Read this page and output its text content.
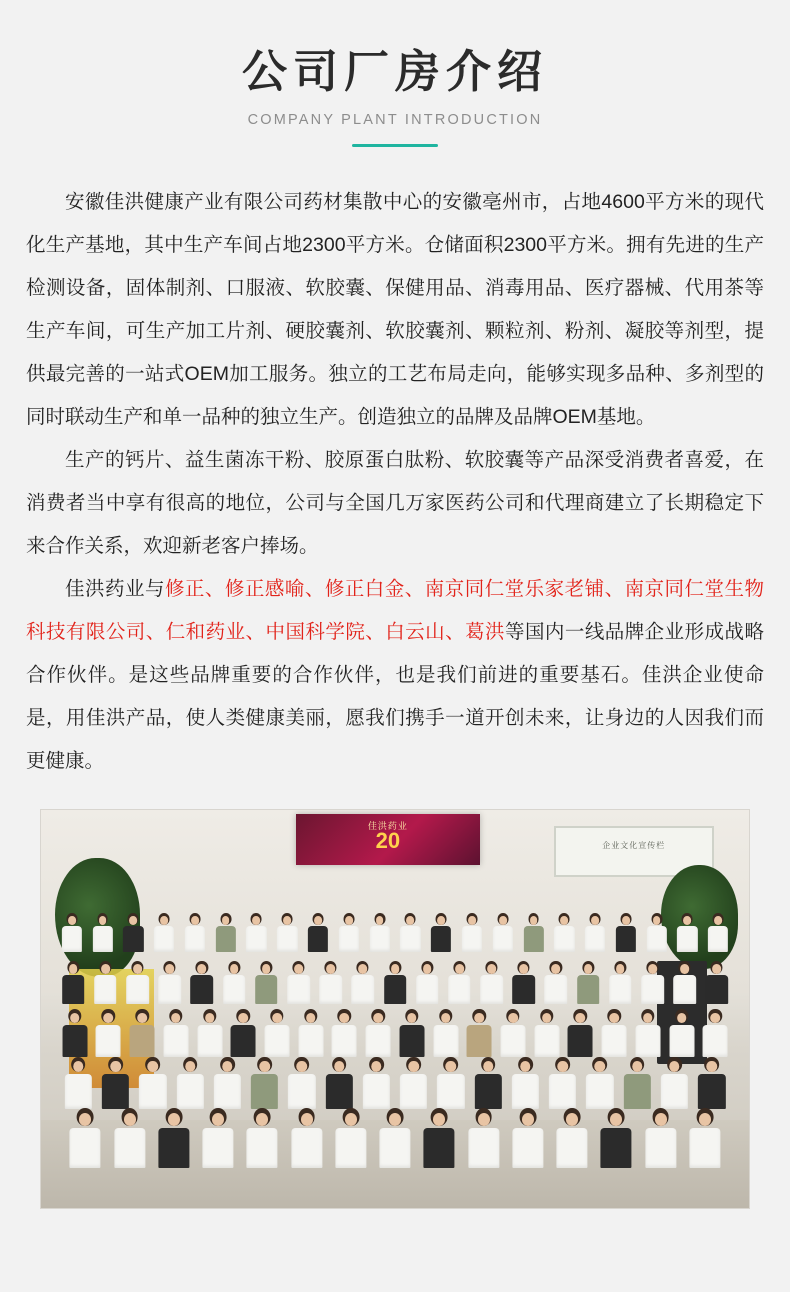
公司厂房介绍
COMPANY PLANT INTRODUCTION

安徽佳洪健康产业有限公司药材集散中心的安徽亳州市，占地4600平方米的现代化生产基地，其中生产车间占地2300平方米。仓储面积2300平方米。拥有先进的生产检测设备，固体制剂、口服液、软胶囊、保健用品、消毒用品、医疗器械、代用茶等生产车间，可生产加工片剂、硬胶囊剂、软胶囊剂、颗粒剂、粉剂、凝胶等剂型，提供最完善的一站式OEM加工服务。独立的工艺布局走向，能够实现多品种、多剂型的同时联动生产和单一品种的独立生产。创造独立的品牌及品牌OEM基地。

生产的钙片、益生菌冻干粉、胶原蛋白肽粉、软胶囊等产品深受消费者喜爱，在消费者当中享有很高的地位，公司与全国几万家医药公司和代理商建立了长期稳定下来合作关系，欢迎新老客户捧场。

佳洪药业与修正、修正感喻、修正白金、南京同仁堂乐家老铺、南京同仁堂生物科技有限公司、仁和药业、中国科学院、白云山、葛洪等国内一线品牌企业形成战略合作伙伴。是这些品牌重要的合作伙伴，也是我们前进的重要基石。佳洪企业使命是，用佳洪产品，使人类健康美丽，愿我们携手一道开创未来，让身边的人因我们而更健康。

佳洪药业
20	企业文化宣传栏
